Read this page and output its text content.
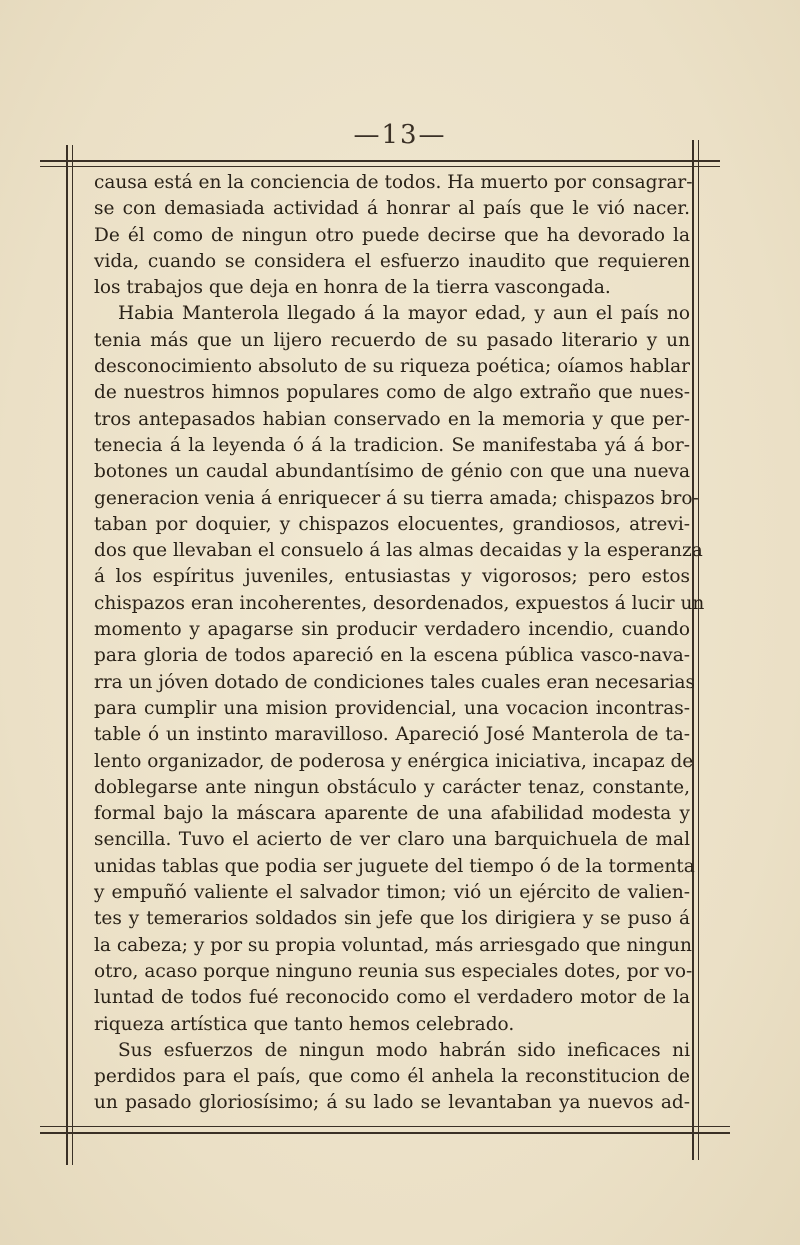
—13—
causa está en la conciencia de todos. Ha muerto por consagrar-
se con demasiada actividad á honrar al país que le vió nacer.
De él como de ningun otro puede decirse que ha devorado la
vida, cuando se considera el esfuerzo inaudito que requieren
los trabajos que deja en honra de la tierra vascongada.
Habia Manterola llegado á la mayor edad, y aun el país no
tenia más que un lijero recuerdo de su pasado literario y un
desconocimiento absoluto de su riqueza poética; oíamos hablar
de nuestros himnos populares como de algo extraño que nues-
tros antepasados habian conservado en la memoria y que per-
tenecia á la leyenda ó á la tradicion. Se manifestaba yá á bor-
botones un caudal abundantísimo de génio con que una nueva
generacion venia á enriquecer á su tierra amada; chispazos bro-
taban por doquier, y chispazos elocuentes, grandiosos, atrevi-
dos que llevaban el consuelo á las almas decaidas y la esperanza
á los espíritus juveniles, entusiastas y vigorosos; pero estos
chispazos eran incoherentes, desordenados, expuestos á lucir un
momento y apagarse sin producir verdadero incendio, cuando
para gloria de todos apareció en la escena pública vasco-nava-
rra un jóven dotado de condiciones tales cuales eran necesarias
para cumplir una mision providencial, una vocacion incontras-
table ó un instinto maravilloso. Apareció José Manterola de ta-
lento organizador, de poderosa y enérgica iniciativa, incapaz de
doblegarse ante ningun obstáculo y carácter tenaz, constante,
formal bajo la máscara aparente de una afabilidad modesta y
sencilla. Tuvo el acierto de ver claro una barquichuela de mal
unidas tablas que podia ser juguete del tiempo ó de la tormenta
y empuñó valiente el salvador timon; vió un ejército de valien-
tes y temerarios soldados sin jefe que los dirigiera y se puso á
la cabeza; y por su propia voluntad, más arriesgado que ningun
otro, acaso porque ninguno reunia sus especiales dotes, por vo-
luntad de todos fué reconocido como el verdadero motor de la
riqueza artística que tanto hemos celebrado.
Sus esfuerzos de ningun modo habrán sido ineficaces ni
perdidos para el país, que como él anhela la reconstitucion de
un pasado gloriosísimo; á su lado se levantaban ya nuevos ad-
